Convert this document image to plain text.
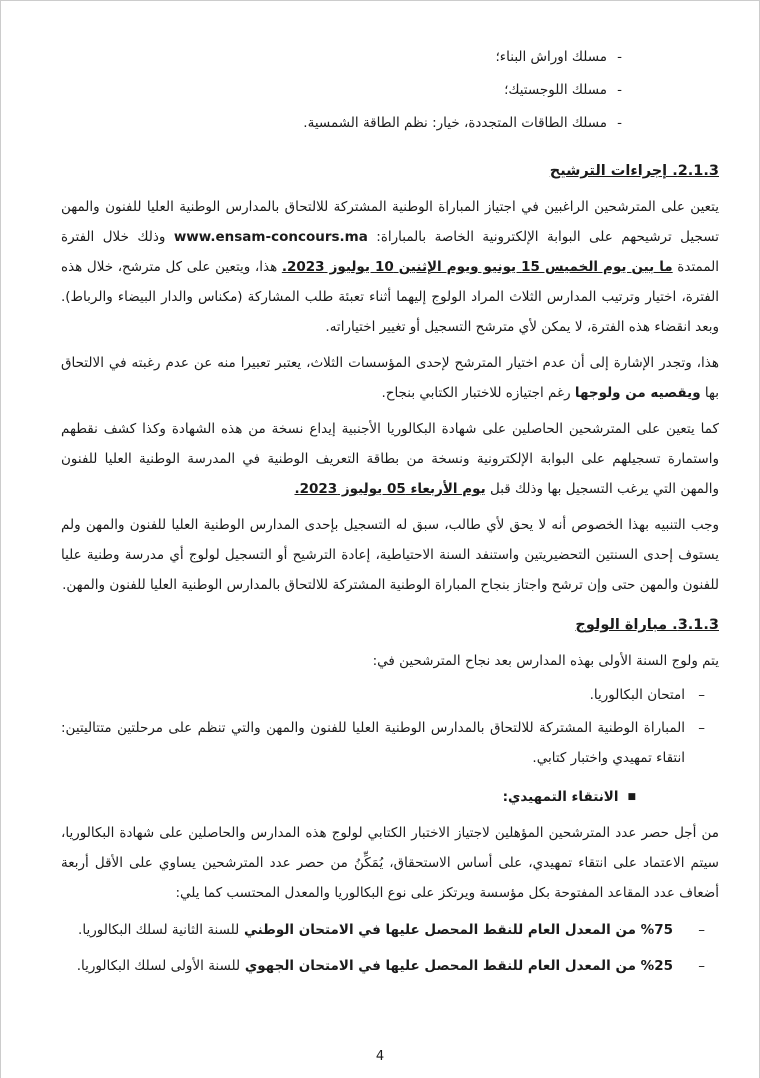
-
مسلك اوراش البناء؛
-
مسلك اللوجستيك؛
-
مسلك الطاقات المتجددة، خيار: نظم الطاقة الشمسية.
2.1.3. إجراءات الترشيح

يتعين على المترشحين الراغبين في اجتياز المباراة الوطنية المشتركة للالتحاق بالمدارس الوطنية العليا للفنون والمهن تسجيل ترشيحهم على البوابة الإلكترونية الخاصة بالمباراة: www.ensam-concours.ma وذلك خلال الفترة الممتدة ما بين يوم الخميس 15 يونيو ويوم الإثنين 10 يوليوز 2023. هذا، ويتعين على كل مترشح، خلال هذه الفترة، اختيار وترتيب المدارس الثلاث المراد الولوج إليهما أثناء تعبئة طلب المشاركة (مكناس والدار البيضاء والرباط). وبعد انقضاء هذه الفترة، لا يمكن لأي مترشح التسجيل أو تغيير اختياراته.

هذا، وتجدر الإشارة إلى أن عدم اختيار المترشح لإحدى المؤسسات الثلاث، يعتبر تعبيرا منه عن عدم رغبته في الالتحاق بها ويقصيه من ولوجها رغم اجتيازه للاختبار الكتابي بنجاح.

كما يتعين على المترشحين الحاصلين على شهادة البكالوريا الأجنبية إيداع نسخة من هذه الشهادة وكذا كشف نقطهم واستمارة تسجيلهم على البوابة الإلكترونية ونسخة من بطاقة التعريف الوطنية في المدرسة الوطنية العليا للفنون والمهن التي يرغب التسجيل بها وذلك قبل يوم الأربعاء 05 يوليوز 2023.

وجب التنبيه بهذا الخصوص أنه لا يحق لأي طالب، سبق له التسجيل بإحدى المدارس الوطنية العليا للفنون والمهن ولم يستوف إحدى السنتين التحضيريتين واستنفد السنة الاحتياطية، إعادة الترشيح أو التسجيل لولوج أي مدرسة وطنية عليا للفنون والمهن حتى وإن ترشح واجتاز بنجاح المباراة الوطنية المشتركة للالتحاق بالمدارس الوطنية العليا للفنون والمهن.

3.1.3. مباراة الولوج

يتم ولوج السنة الأولى بهذه المدارس بعد نجاح المترشحين في:

–
امتحان البكالوريا.
–
المباراة الوطنية المشتركة للالتحاق بالمدارس الوطنية العليا للفنون والمهن والتي تنظم على مرحلتين متتاليتين: انتقاء تمهيدي واختبار كتابي.
■الانتقاء التمهيدي:

من أجل حصر عدد المترشحين المؤهلين لاجتياز الاختبار الكتابي لولوج هذه المدارس والحاصلين على شهادة البكالوريا، سيتم الاعتماد على انتقاء تمهيدي، على أساس الاستحقاق، يُمَكِّنُ من حصر عدد المترشحين يساوي على الأقل أربعة أضعاف عدد المقاعد المفتوحة بكل مؤسسة ويرتكز على نوع البكالوريا والمعدل المحتسب كما يلي:

–
%75 من المعدل العام للنقط المحصل عليها في الامتحان الوطني للسنة الثانية لسلك البكالوريا.
–
%25 من المعدل العام للنقط المحصل عليها في الامتحان الجهوي للسنة الأولى لسلك البكالوريا.
4
